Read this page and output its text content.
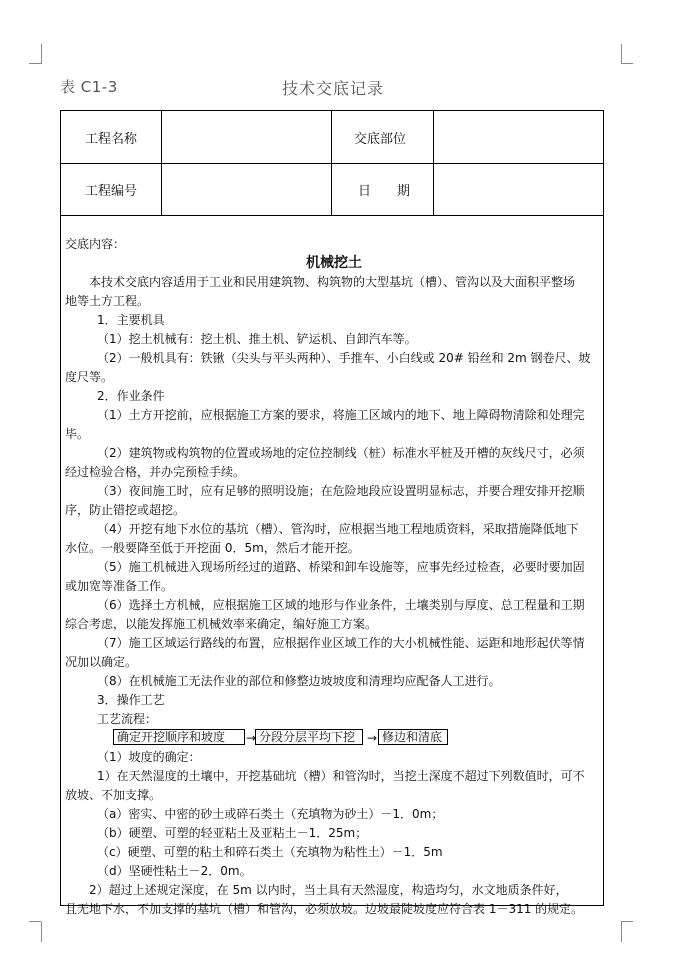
表 C1-3	技术交底记录
工程名称	交底部位
工程编号	日　　期

交底内容：

机械挖土

本技术交底内容适用于工业和民用建筑物、构筑物的大型基坑（槽）、管沟以及大面积平整场

地等土方工程。

1．主要机具

（1）挖土机械有：挖土机、推土机、铲运机、自卸汽车等。

（2）一般机具有：铁锹（尖头与平头两种）、手推车、小白线或 20# 铅丝和 2m 钢卷尺、坡

度尺等。

2．作业条件

（1）土方开挖前，应根据施工方案的要求，将施工区域内的地下、地上障碍物清除和处理完

毕。

（2）建筑物或构筑物的位置或场地的定位控制线（桩）标准水平桩及开槽的灰线尺寸，必须

经过检验合格，并办完预检手续。

（3）夜间施工时，应有足够的照明设施；在危险地段应设置明显标志，并要合理安排开挖顺

序，防止错挖或超挖。

（4）开挖有地下水位的基坑（槽）、管沟时，应根据当地工程地质资料，采取措施降低地下

水位。一般要降至低于开挖面 0．5m，然后才能开挖。

（5）施工机械进入现场所经过的道路、桥梁和卸车设施等，应事先经过检查，必要时要加固

或加宽等准备工作。

（6）选择土方机械，应根据施工区域的地形与作业条件，土壤类别与厚度、总工程量和工期

综合考虑，以能发挥施工机械效率来确定，编好施工方案。

（7）施工区域运行路线的布置，应根据作业区域工作的大小机械性能、运距和地形起伏等情

况加以确定。

（8）在机械施工无法作业的部位和修整边坡坡度和清理均应配备人工进行。

3．操作工艺

工艺流程：

确定开挖顺序和坡度	→ 分段分层平均下挖 → 修边和清底

（1）坡度的确定：

1）在天然湿度的土壤中，开挖基础坑（槽）和管沟时，当挖土深度不超过下列数值时，可不

放坡、不加支撑。

（a）密实、中密的砂土或碎石类土（充填物为砂土）－1．0m；

（b）硬塑、可塑的轻亚粘土及亚粘土－1．25m；

（c）硬塑、可塑的粘土和碎石类土（充填物为粘性土）－1．5m

（d）坚硬性粘土－2．0m。

2）超过上述规定深度，在 5m 以内时，当土具有天然湿度，构造均匀，水文地质条件好，

且无地下水，不加支撑的基坑（槽）和管沟，必须放坡。边坡最陡坡度应符合表 1－311 的规定。
